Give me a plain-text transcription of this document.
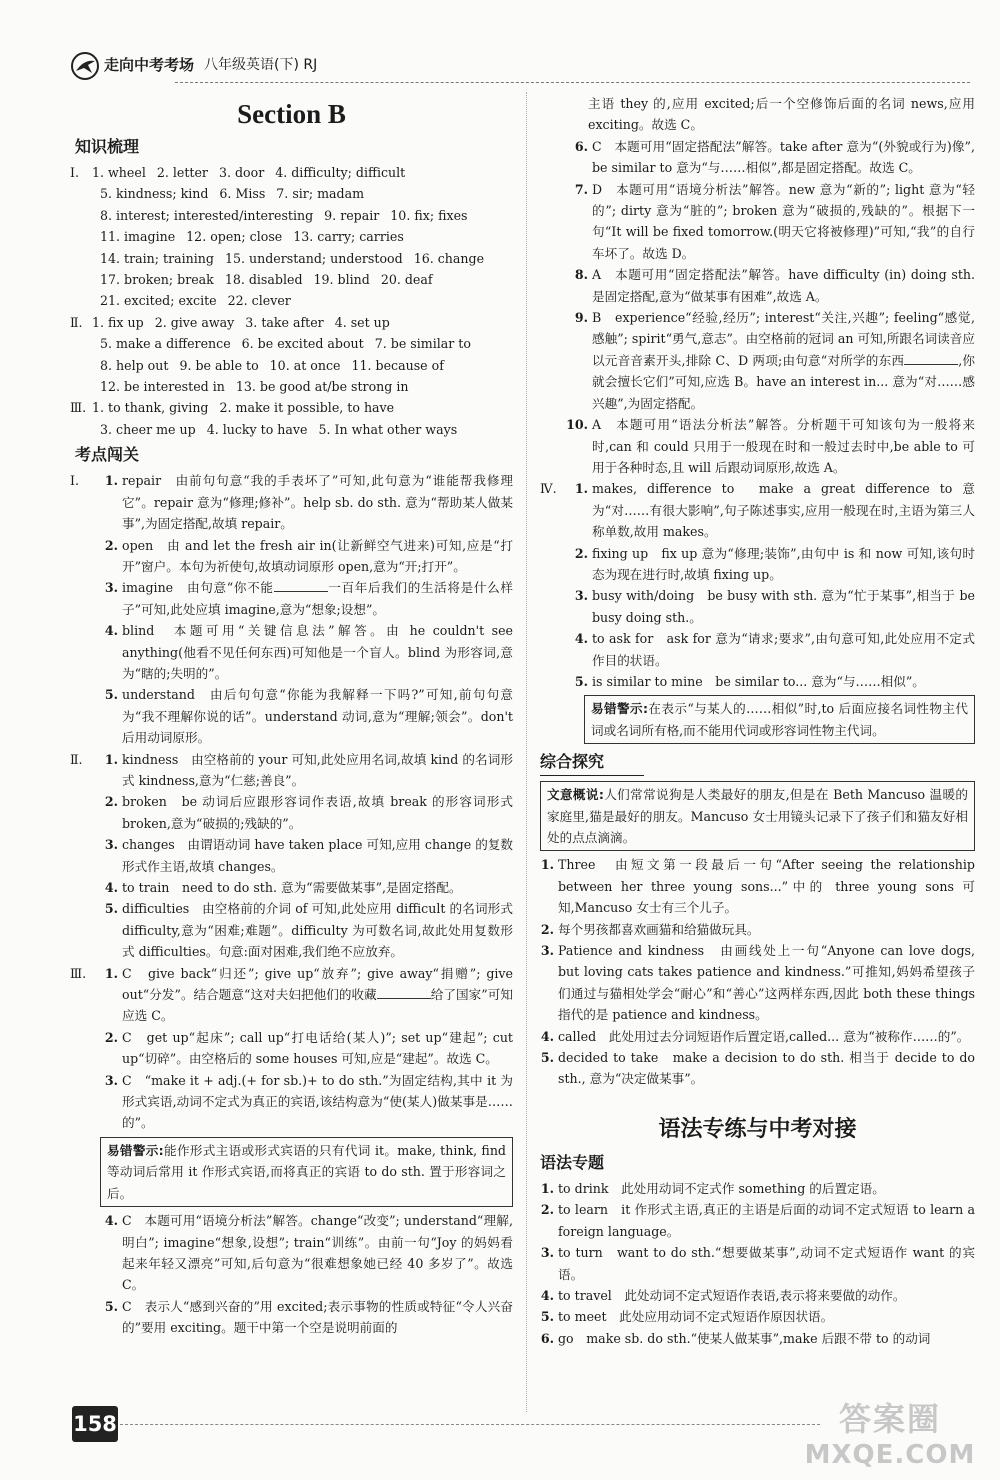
走向中考考场 八年级英语(下) RJ
Section B
知识梳理
Ⅰ.	1. wheel 2. letter 3. door 4. difficulty; difficult
5. kindness; kind 6. Miss 7. sir; madam
8. interest; interested/interesting 9. repair 10. fix; fixes
11. imagine 12. open; close 13. carry; carries
14. train; training 15. understand; understood 16. change
17. broken; break 18. disabled 19. blind 20. deaf
21. excited; excite 22. clever
Ⅱ. 1. fix up 2. give away 3. take after 4. set up
5. make a difference 6. be excited about 7. be similar to
8. help out 9. be able to 10. at once 11. because of
12. be interested in 13. be good at/be strong in
Ⅲ. 1. to thank, giving 2. make it possible, to have
3. cheer me up 4. lucky to have 5. In what other ways
考点闯关
Ⅰ.	1. repair　由前句句意“我的手表坏了”可知,此句意为“谁能帮我修理它”。repair 意为“修理;修补”。help sb. do sth. 意为“帮助某人做某事”,为固定搭配,故填 repair。
2. open　由 and let the fresh air in(让新鲜空气进来)可知,应是“打开”窗户。本句为祈使句,故填动词原形 open,意为“开;打开”。
3. imagine　由句意“你不能	一百年后我们的生活将是什么样子”可知,此处应填 imagine,意为“想象;设想”。
4. blind　本题可用“关键信息法”解答。由 he couldn't see anything(他看不见任何东西)可知他是一个盲人。blind 为形容词,意为“瞎的;失明的”。
5. understand　由后句句意“你能为我解释一下吗?”可知,前句句意为“我不理解你说的话”。understand 动词,意为“理解;领会”。don't 后用动词原形。
Ⅱ.	1. kindness　由空格前的 your 可知,此处应用名词,故填 kind 的名词形式 kindness,意为“仁慈;善良”。
2. broken　be 动词后应跟形容词作表语,故填 break 的形容词形式 broken,意为“破损的;残缺的”。
3. changes　由谓语动词 have taken place 可知,应用 change 的复数形式作主语,故填 changes。
4. to train　need to do sth. 意为“需要做某事”,是固定搭配。
5. difficulties　由空格前的介词 of 可知,此处应用 difficult 的名词形式 difficulty,意为“困难;难题”。difficulty 为可数名词,故此处用复数形式 difficulties。句意:面对困难,我们绝不应放弃。
Ⅲ.	1. C　give back“归还”; give up“放弃”; give away“捐赠”; give out“分发”。结合题意“这对夫妇把他们的收藏	给了国家”可知应选 C。
2. C　get up“起床”; call up“打电话给(某人)”; set up“建起”; cut up“切碎”。由空格后的 some houses 可知,应是“建起”。故选 C。
3. C　“make it + adj.(+ for sb.)+ to do sth.”为固定结构,其中 it 为形式宾语,动词不定式为真正的宾语,该结构意为“使(某人)做某事是……的”。
易错警示:能作形式主语或形式宾语的只有代词 it。make, think, find 等动词后常用 it 作形式宾语,而将真正的宾语 to do sth. 置于形容词之后。
4. C　本题可用“语境分析法”解答。change“改变”; understand“理解,明白”; imagine“想象,设想”; train“训练”。由前一句“Joy 的妈妈看起来年轻又漂亮”可知,后句意为“很难想象她已经 40 多岁了”。故选 C。
5. C　表示人“感到兴奋的”用 excited;表示事物的性质或特征“令人兴奋的”要用 exciting。题干中第一个空是说明前面的
主语 they 的,应用 excited;后一个空修饰后面的名词 news,应用 exciting。故选 C。
6. C　本题可用“固定搭配法”解答。take after 意为“(外貌或行为)像”, be similar to 意为“与……相似”,都是固定搭配。故选 C。
7. D　本题可用“语境分析法”解答。new 意为“新的”; light 意为“轻的”; dirty 意为“脏的”; broken 意为“破损的,残缺的”。根据下一句“It will be fixed tomorrow.(明天它将被修理)”可知,“我”的自行车坏了。故选 D。
8. A　本题可用“固定搭配法”解答。have difficulty (in) doing sth. 是固定搭配,意为“做某事有困难”,故选 A。
9. B　experience“经验,经历”; interest“关注,兴趣”; feeling“感觉,感触”; spirit“勇气,意志”。由空格前的冠词 an 可知,所跟名词读音应以元音音素开头,排除 C、D 两项;由句意“对所学的东西	,你就会擅长它们”可知,应选 B。have an interest in... 意为“对……感兴趣”,为固定搭配。
10. A　本题可用“语法分析法”解答。分析题干可知该句为一般将来时,can 和 could 只用于一般现在时和一般过去时中,be able to 可用于各种时态,且 will 后跟动词原形,故选 A。
Ⅳ.	1. makes, difference to　make a great difference to 意为“对……有很大影响”,句子陈述事实,应用一般现在时,主语为第三人称单数,故用 makes。
2. fixing up　fix up 意为“修理;装饰”,由句中 is 和 now 可知,该句时态为现在进行时,故填 fixing up。
3. busy with/doing　be busy with sth. 意为“忙于某事”,相当于 be busy doing sth.。
4. to ask for　ask for 意为“请求;要求”,由句意可知,此处应用不定式作目的状语。
5. is similar to mine　be similar to... 意为“与……相似”。
易错警示:在表示“与某人的……相似”时,to 后面应接名词性物主代词或名词所有格,而不能用代词或形容词性物主代词。
综合探究
文意概说:人们常常说狗是人类最好的朋友,但是在 Beth Mancuso 温暖的家庭里,猫是最好的朋友。Mancuso 女士用镜头记录下了孩子们和猫友好相处的点点滴滴。
1. Three　由短文第一段最后一句“After seeing the relationship between her three young sons...”中的 three young sons 可知,Mancuso 女士有三个儿子。
2. 每个男孩都喜欢画猫和给猫做玩具。
3. Patience and kindness　由画线处上一句“Anyone can love dogs, but loving cats takes patience and kindness.”可推知,妈妈希望孩子们通过与猫相处学会“耐心”和“善心”这两样东西,因此 both these things 指代的是 patience and kindness。
4. called　此处用过去分词短语作后置定语,called... 意为“被称作……的”。
5. decided to take　make a decision to do sth. 相当于 decide to do sth., 意为“决定做某事”。
语法专练与中考对接
语法专题
1. to drink　此处用动词不定式作 something 的后置定语。
2. to learn　it 作形式主语,真正的主语是后面的动词不定式短语 to learn a foreign language。
3. to turn　want to do sth.“想要做某事”,动词不定式短语作 want 的宾语。
4. to travel　此处动词不定式短语作表语,表示将来要做的动作。
5. to meet　此处应用动词不定式短语作原因状语。
6. go　make sb. do sth.“使某人做某事”,make 后跟不带 to 的动词
158	答案圈
MXQE.COM
